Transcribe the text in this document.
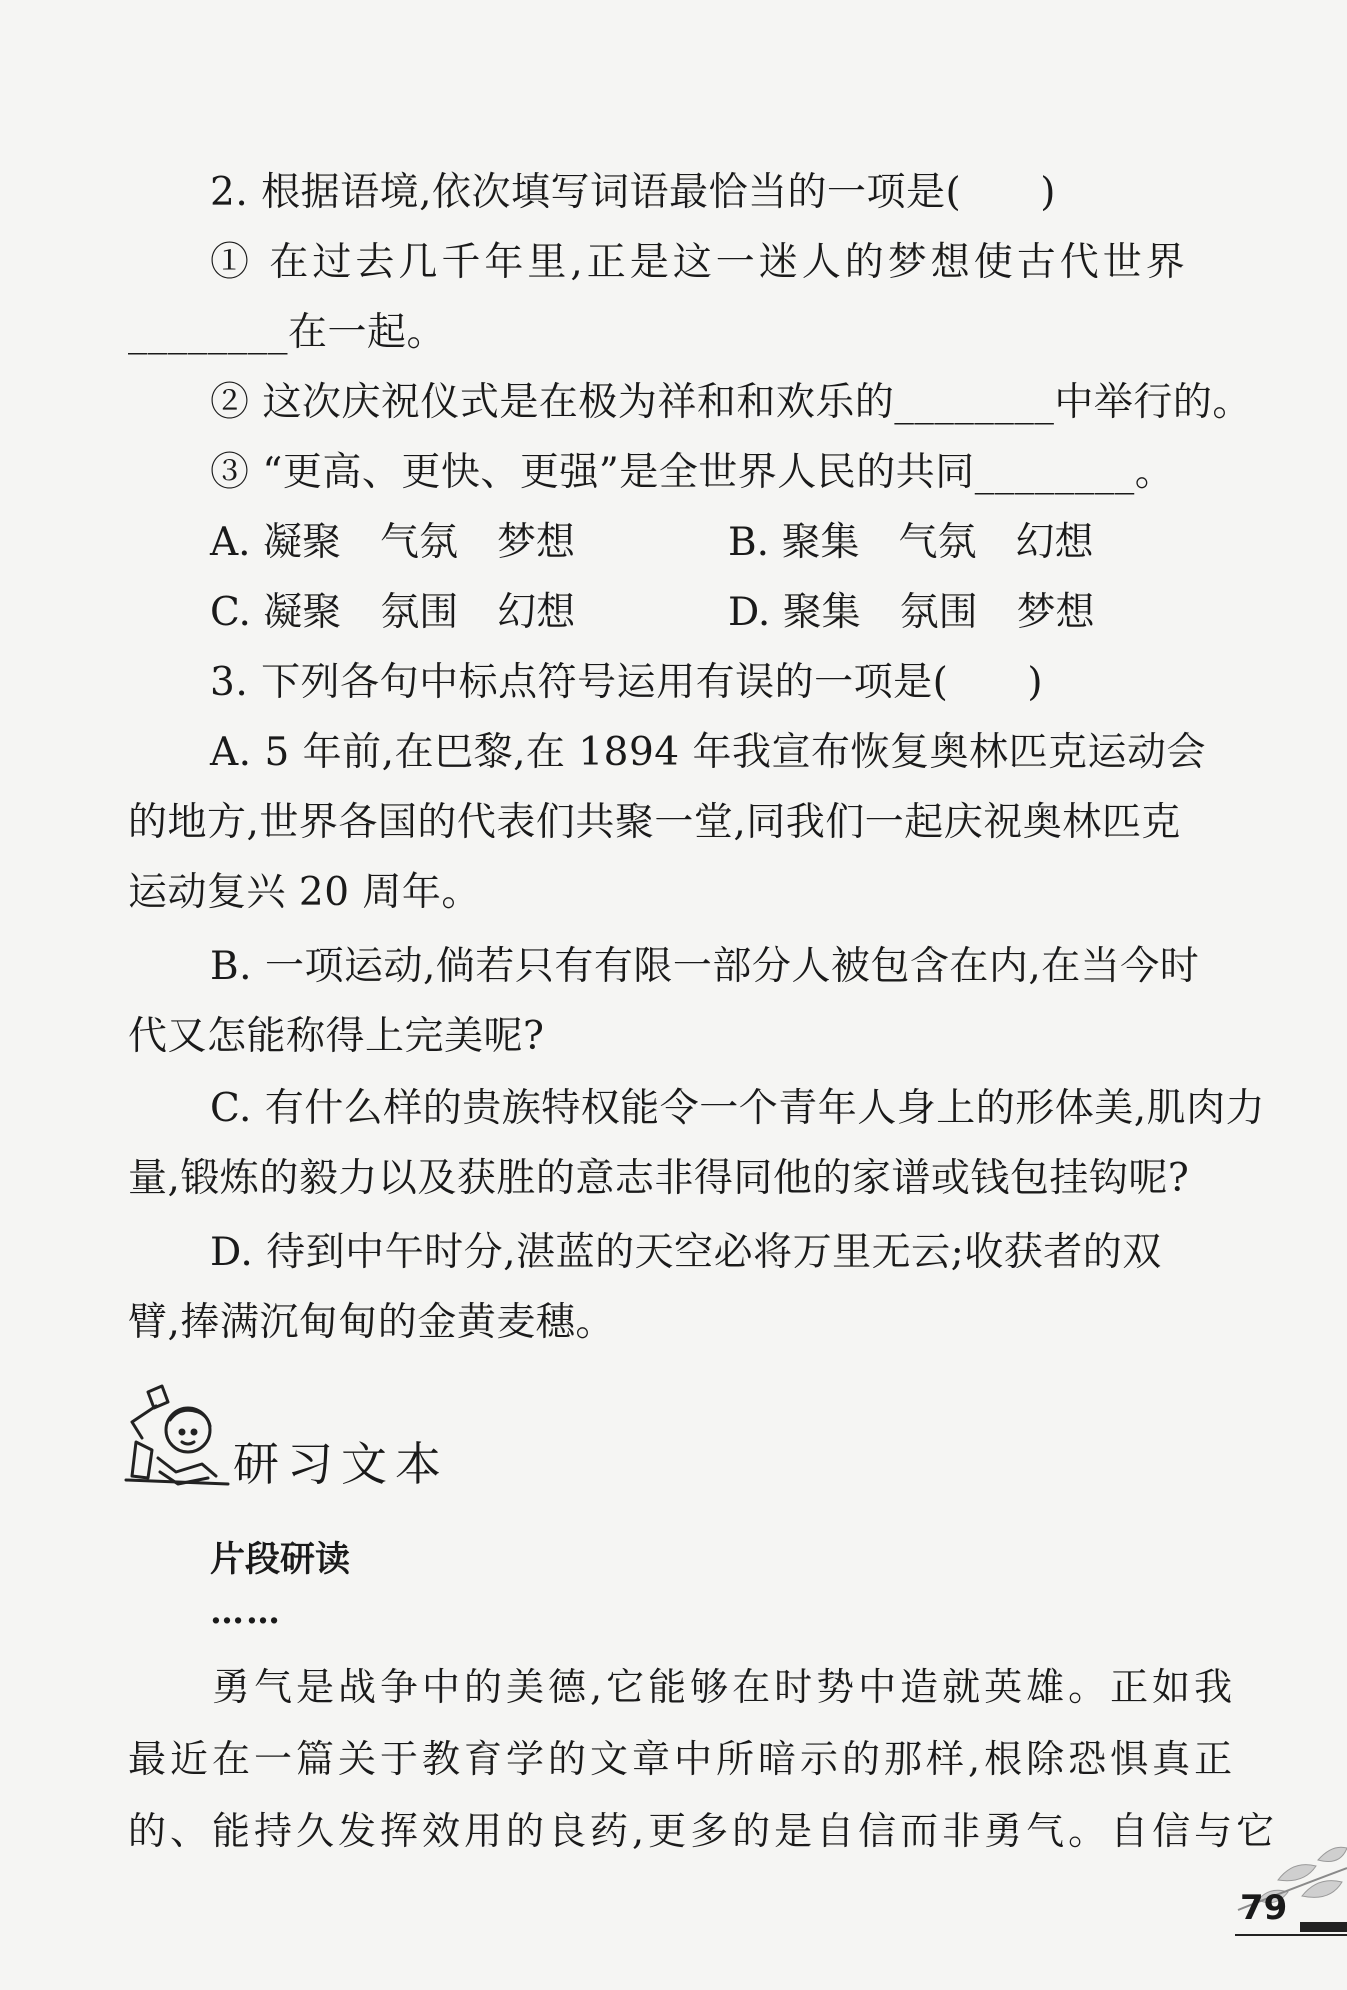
2. 根据语境,依次填写词语最恰当的一项是(　　)
① 在过去几千年里,正是这一迷人的梦想使古代世界
________在一起。
② 这次庆祝仪式是在极为祥和和欢乐的________中举行的。
③ “更高、更快、更强”是全世界人民的共同________。
A. 凝聚　气氛　梦想	B. 聚集　气氛　幻想
C. 凝聚　氛围　幻想	D. 聚集　氛围　梦想
3. 下列各句中标点符号运用有误的一项是(　　)
A. 5 年前,在巴黎,在 1894 年我宣布恢复奥林匹克运动会
的地方,世界各国的代表们共聚一堂,同我们一起庆祝奥林匹克
运动复兴 20 周年。
B. 一项运动,倘若只有有限一部分人被包含在内,在当今时
代又怎能称得上完美呢?
C. 有什么样的贵族特权能令一个青年人身上的形体美,肌肉力
量,锻炼的毅力以及获胜的意志非得同他的家谱或钱包挂钩呢?
D. 待到中午时分,湛蓝的天空必将万里无云;收获者的双
臂,捧满沉甸甸的金黄麦穗。
研习文本
片段研读
……
勇气是战争中的美德,它能够在时势中造就英雄。正如我
最近在一篇关于教育学的文章中所暗示的那样,根除恐惧真正
的、能持久发挥效用的良药,更多的是自信而非勇气。自信与它
79
